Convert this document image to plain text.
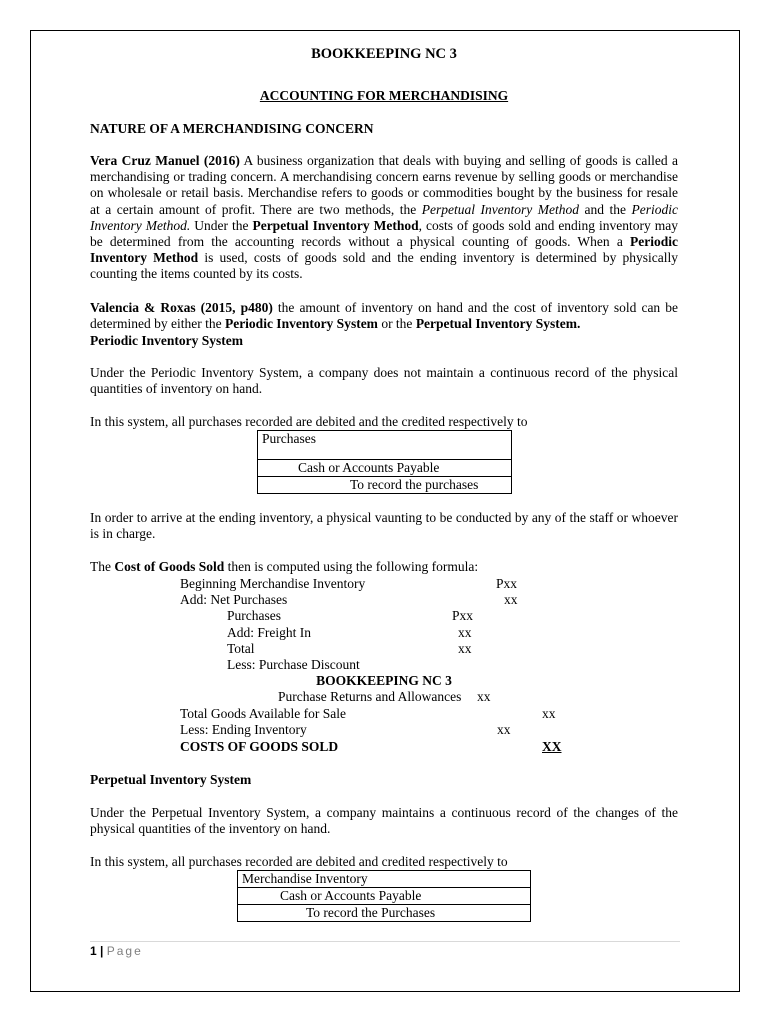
BOOKKEEPING NC 3
ACCOUNTING FOR MERCHANDISING
NATURE OF A MERCHANDISING CONCERN

Vera Cruz Manuel (2016) A business organization that deals with buying and selling of goods is called a merchandising or trading concern. A merchandising concern earns revenue by selling goods or merchandise on wholesale or retail basis. Merchandise refers to goods or commodities bought by the business for resale at a certain amount of profit. There are two methods, the Perpetual Inventory Method and the Periodic Inventory Method. Under the Perpetual Inventory Method, costs of goods sold and ending inventory may be determined from the accounting records without a physical counting of goods. When a Periodic Inventory Method is used, costs of goods sold and the ending inventory is determined by physically counting the items counted by its costs.

Valencia & Roxas (2015, p480) the amount of inventory on hand and the cost of inventory sold can be determined by either the Periodic Inventory System or the Perpetual Inventory System.

Periodic Inventory System

Under the Periodic Inventory System, a company does not maintain a continuous record of the physical quantities of inventory on hand.

In this system, all purchases recorded are debited and the credited respectively to
Purchases
Cash or Accounts Payable
To record the purchases

In order to arrive at the ending inventory, a physical vaunting to be conducted by any of the staff or whoever is in charge.

The Cost of Goods Sold then is computed using the following formula:
Beginning Merchandise Inventory	Pxx
Add: Net Purchases	xx
Purchases	Pxx
Add: Freight In	xx
Total	xx
Less: Purchase Discount
BOOKKEEPING NC 3
Purchase Returns and Allowances xx
Total Goods Available for Sale	xx
Less: Ending Inventory	xx
COSTS OF GOODS SOLD	XX
Perpetual Inventory System

Under the Perpetual Inventory System, a company maintains a continuous record of the changes of the physical quantities of the inventory on hand.

In this system, all purchases recorded are debited and credited respectively to
Merchandise Inventory
Cash or Accounts Payable
To record the Purchases
1 | Page
